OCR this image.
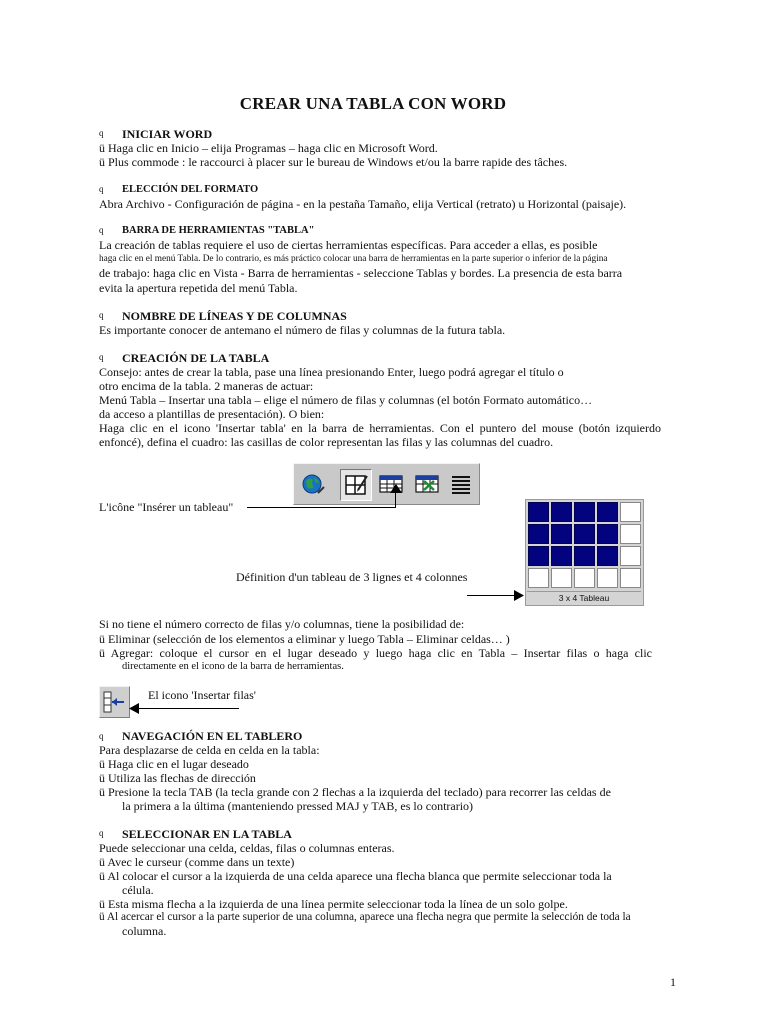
CREAR UNA TABLA CON WORD
q INICIAR WORD
ü Haga clic en Inicio – elija Programas – haga clic en Microsoft Word.
ü Plus commode : le raccourci à placer sur le bureau de Windows et/ou la barre rapide des tâches.
q ELECCIÓN DEL FORMATO
Abra Archivo - Configuración de página - en la pestaña Tamaño, elija Vertical (retrato) u Horizontal (paisaje).
q BARRA DE HERRAMIENTAS "TABLA"
La creación de tablas requiere el uso de ciertas herramientas específicas. Para acceder a ellas, es posible
haga clic en el menú Tabla. De lo contrario, es más práctico colocar una barra de herramientas en la parte superior o inferior de la página
de trabajo: haga clic en Vista - Barra de herramientas - seleccione Tablas y bordes. La presencia de esta barra
evita la apertura repetida del menú Tabla.
q NOMBRE DE LÍNEAS Y DE COLUMNAS
Es importante conocer de antemano el número de filas y columnas de la futura tabla.
q CREACIÓN DE LA TABLA
Consejo: antes de crear la tabla, pase una línea presionando Enter, luego podrá agregar el título o
otro encima de la tabla. 2 maneras de actuar:
Menú Tabla – Insertar una tabla – elige el número de filas y columnas (el botón Formato automático…
da acceso a plantillas de presentación). O bien:
Haga clic en el icono 'Insertar tabla' en la barra de herramientas. Con el puntero del mouse (botón izquierdo
enfoncé), defina el cuadro: las casillas de color representan las filas y las columnas del cuadro.
L'icône "Insérer un tableau"
3 x 4 Tableau
Définition d'un tableau de 3 lignes et 4 colonnes
Si no tiene el número correcto de filas y/o columnas, tiene la posibilidad de:
ü Eliminar (selección de los elementos a eliminar y luego Tabla – Eliminar celdas… )
ü Agregar: coloque el cursor en el lugar deseado y luego haga clic en Tabla – Insertar filas o haga clic
directamente en el icono de la barra de herramientas.
El icono 'Insertar filas'
q NAVEGACIÓN EN EL TABLERO
Para desplazarse de celda en celda en la tabla:
ü Haga clic en el lugar deseado
ü Utiliza las flechas de dirección
ü Presione la tecla TAB (la tecla grande con 2 flechas a la izquierda del teclado) para recorrer las celdas de
la primera a la última (manteniendo pressed MAJ y TAB, es lo contrario)
q SELECCIONAR EN LA TABLA
Puede seleccionar una celda, celdas, filas o columnas enteras.
ü Avec le curseur (comme dans un texte)
ü Al colocar el cursor a la izquierda de una celda aparece una flecha blanca que permite seleccionar toda la
célula.
ü Esta misma flecha a la izquierda de una línea permite seleccionar toda la línea de un solo golpe.
ü Al acercar el cursor a la parte superior de una columna, aparece una flecha negra que permite la selección de toda la
columna.
1
